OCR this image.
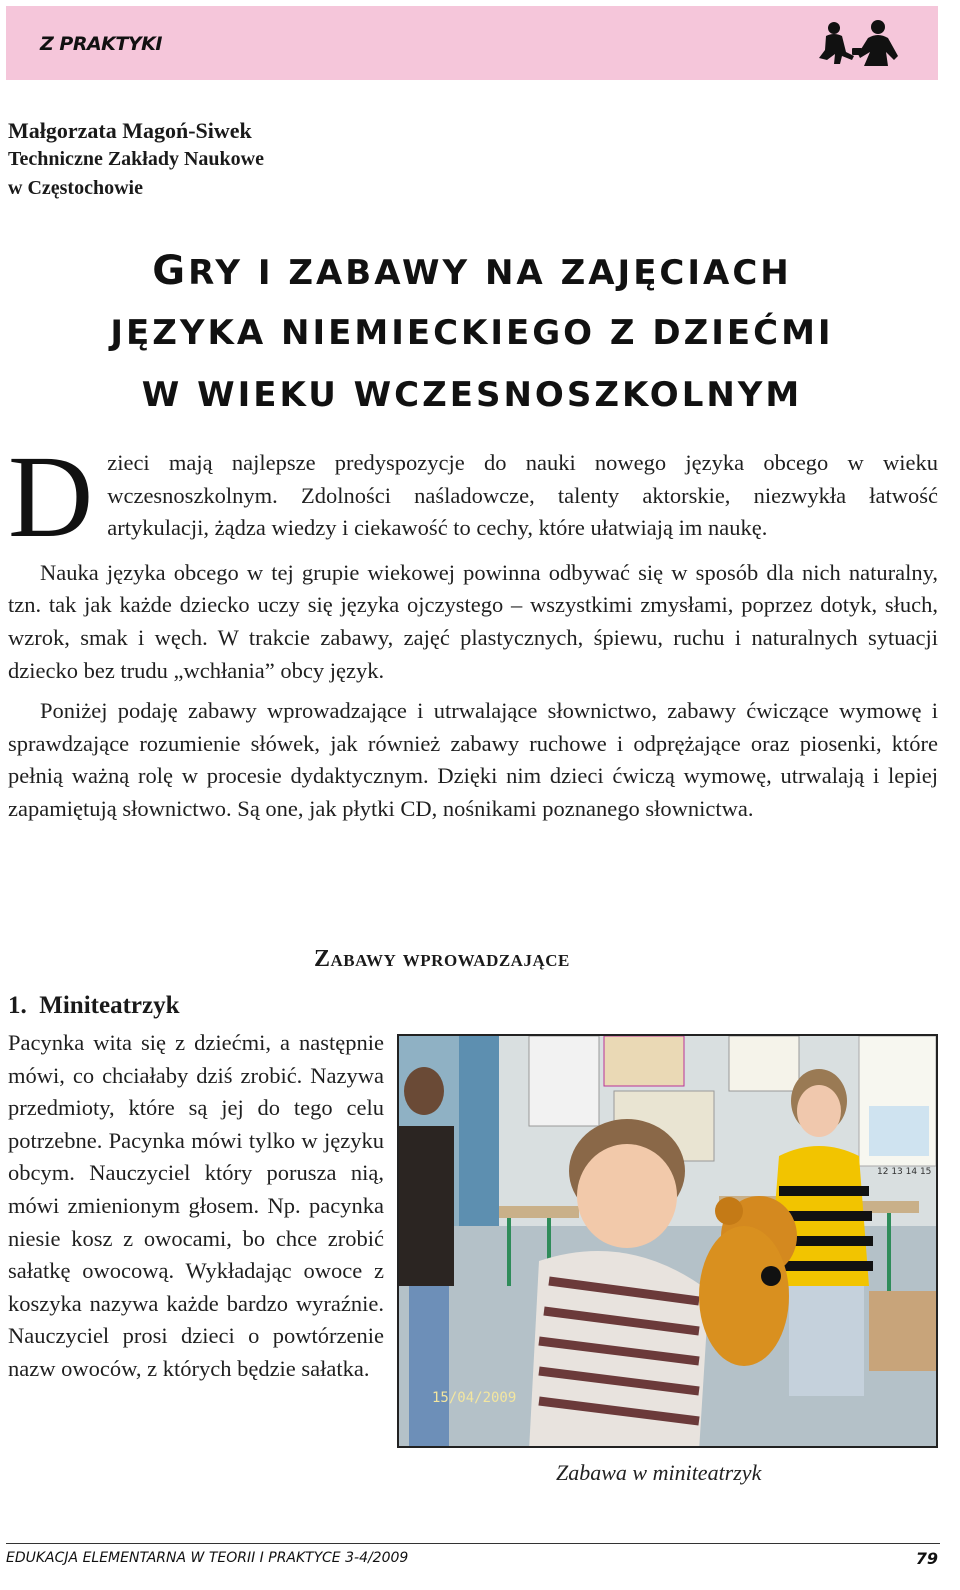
Z PRAKTYKI
Małgorzata Magoń-Siwek
Techniczne Zakłady Naukowe
w Częstochowie
GRY I ZABAWY NA ZAJĘCIACH
JĘZYKA NIEMIECKIEGO Z DZIEĆMI
W WIEKU WCZESNOSZKOLNYM

Dzieci mają najlepsze predyspozycje do nauki nowego języka obcego w wieku wczesnoszkolnym. Zdolności naśladowcze, talenty aktorskie, niezwykła łatwość artykulacji, żądza wiedzy i ciekawość to cechy, które ułatwiają im naukę.

Nauka języka obcego w tej grupie wiekowej powinna odbywać się w sposób dla nich naturalny, tzn. tak jak każde dziecko uczy się języka ojczystego – wszystkimi zmysłami, poprzez dotyk, słuch, wzrok, smak i węch. W trakcie zabawy, zajęć plastycznych, śpiewu, ruchu i naturalnych sytuacji dziecko bez trudu „wchłania” obcy język.

Poniżej podaję zabawy wprowadzające i utrwalające słownictwo, zabawy ćwiczące wymowę i sprawdzające rozumienie słówek, jak również zabawy ruchowe i odprężające oraz piosenki, które pełnią ważną rolę w procesie dydaktycznym. Dzięki nim dzieci ćwiczą wymowę, utrwalają i lepiej zapamiętują słownictwo. Są one, jak płytki CD, nośnikami poznanego słownictwa.

Zabawy wprowadzające
1. Miniteatrzyk
Pacynka wita się z dziećmi, a następnie mówi, co chciałaby dziś zrobić. Nazywa przedmioty, które są jej do tego celu potrzebne. Pacynka mówi tylko w języku obcym. Nauczyciel który porusza nią, mówi zmienionym głosem. Np. pacynka niesie kosz z owocami, bo chce zrobić sałatkę owocową. Wykładając owoce z koszyka nazywa każde bardzo wyraźnie. Nauczyciel prosi dzieci o powtórzenie nazw owoców, z których będzie sałatka.
12 13 14 15
15/04/2009
Zabawa w miniteatrzyk
EDUKACJA ELEMENTARNA W TEORII I PRAKTYCE 3-4/2009	79
